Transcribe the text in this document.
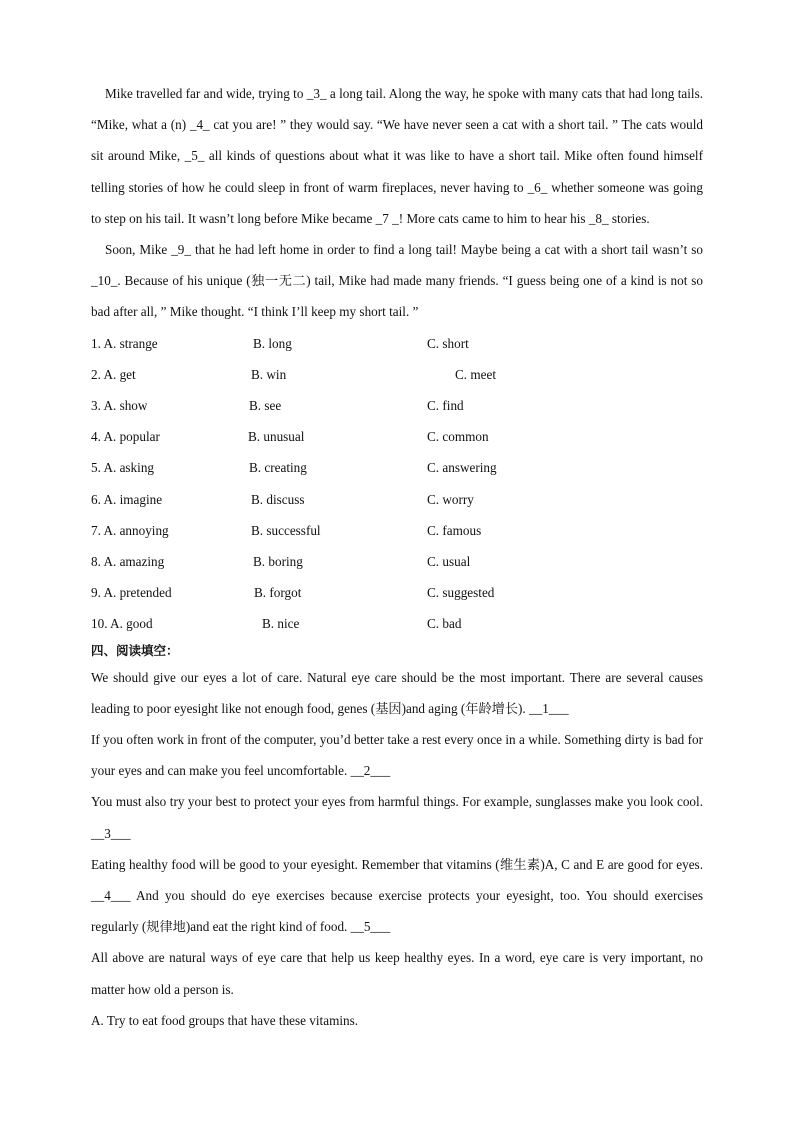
Mike travelled far and wide, trying to _3_ a long tail. Along the way, he spoke with many cats that had long tails. “Mike, what a (n) _4_ cat you are! ” they would say. “We have never seen a cat with a short tail. ” The cats would sit around Mike, _5_ all kinds of questions about what it was like to have a short tail. Mike often found himself telling stories of how he could sleep in front of warm fireplaces, never having to _6_ whether someone was going to step on his tail. It wasn’t long before Mike became _7 _! More cats came to him to hear his _8_ stories.

Soon, Mike _9_ that he had left home in order to find a long tail! Maybe being a cat with a short tail wasn’t so _10_. Because of his unique (独一无二) tail, Mike had made many friends. “I guess being one of a kind is not so bad after all, ” Mike thought. “I think I’ll keep my short tail. ”

1. A. strange	B. long	C. short
2. A. get	B. win	C. meet
3. A. show	B. see	C. find
4. A. popular	B. unusual	C. common
5. A. asking	B. creating	C. answering
6. A. imagine	B. discuss	C. worry
7. A. annoying	B. successful	C. famous
8. A. amazing	B. boring	C. usual
9. A. pretended	B. forgot	C. suggested
10. A. good	B. nice	C. bad

四、阅读填空：

We should give our eyes a lot of care. Natural eye care should be the most important. There are several causes leading to poor eyesight like not enough food, genes (基因)and aging (年龄增长). __1___

If you often work in front of the computer, you’d better take a rest every once in a while. Something dirty is bad for your eyes and can make you feel uncomfortable. __2___

You must also try your best to protect your eyes from harmful things. For example, sunglasses make you look cool. __3___

Eating healthy food will be good to your eyesight. Remember that vitamins (维生素)A, C and E are good for eyes. __4___ And you should do eye exercises because exercise protects your eyesight, too. You should exercises regularly (规律地)and eat the right kind of food. __5___

All above are natural ways of eye care that help us keep healthy eyes. In a word, eye care is very important, no matter how old a person is.

A. Try to eat food groups that have these vitamins.
